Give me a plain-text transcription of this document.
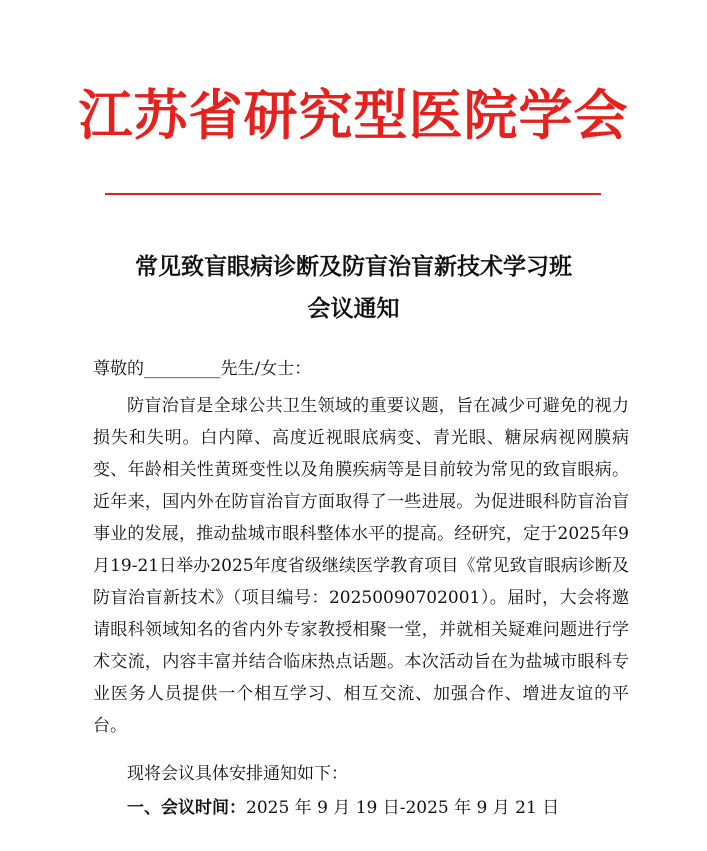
江苏省研究型医院学会
常见致盲眼病诊断及防盲治盲新技术学习班
会议通知
尊敬的_________先生/女士：

防盲治盲是全球公共卫生领域的重要议题，旨在减少可避免的视力损失和失明。白内障、高度近视眼底病变、青光眼、糖尿病视网膜病变、年龄相关性黄斑变性以及角膜疾病等是目前较为常见的致盲眼病。近年来，国内外在防盲治盲方面取得了一些进展。为促进眼科防盲治盲事业的发展，推动盐城市眼科整体水平的提高。经研究，定于2025年9月19-21日举办2025年度省级继续医学教育项目《常见致盲眼病诊断及防盲治盲新技术》（项目编号：20250090702001）。届时，大会将邀请眼科领域知名的省内外专家教授相聚一堂，并就相关疑难问题进行学术交流，内容丰富并结合临床热点话题。本次活动旨在为盐城市眼科专业医务人员提供一个相互学习、相互交流、加强合作、增进友谊的平台。

现将会议具体安排通知如下：

一、会议时间：2025 年 9 月 19 日-2025 年 9 月 21 日
